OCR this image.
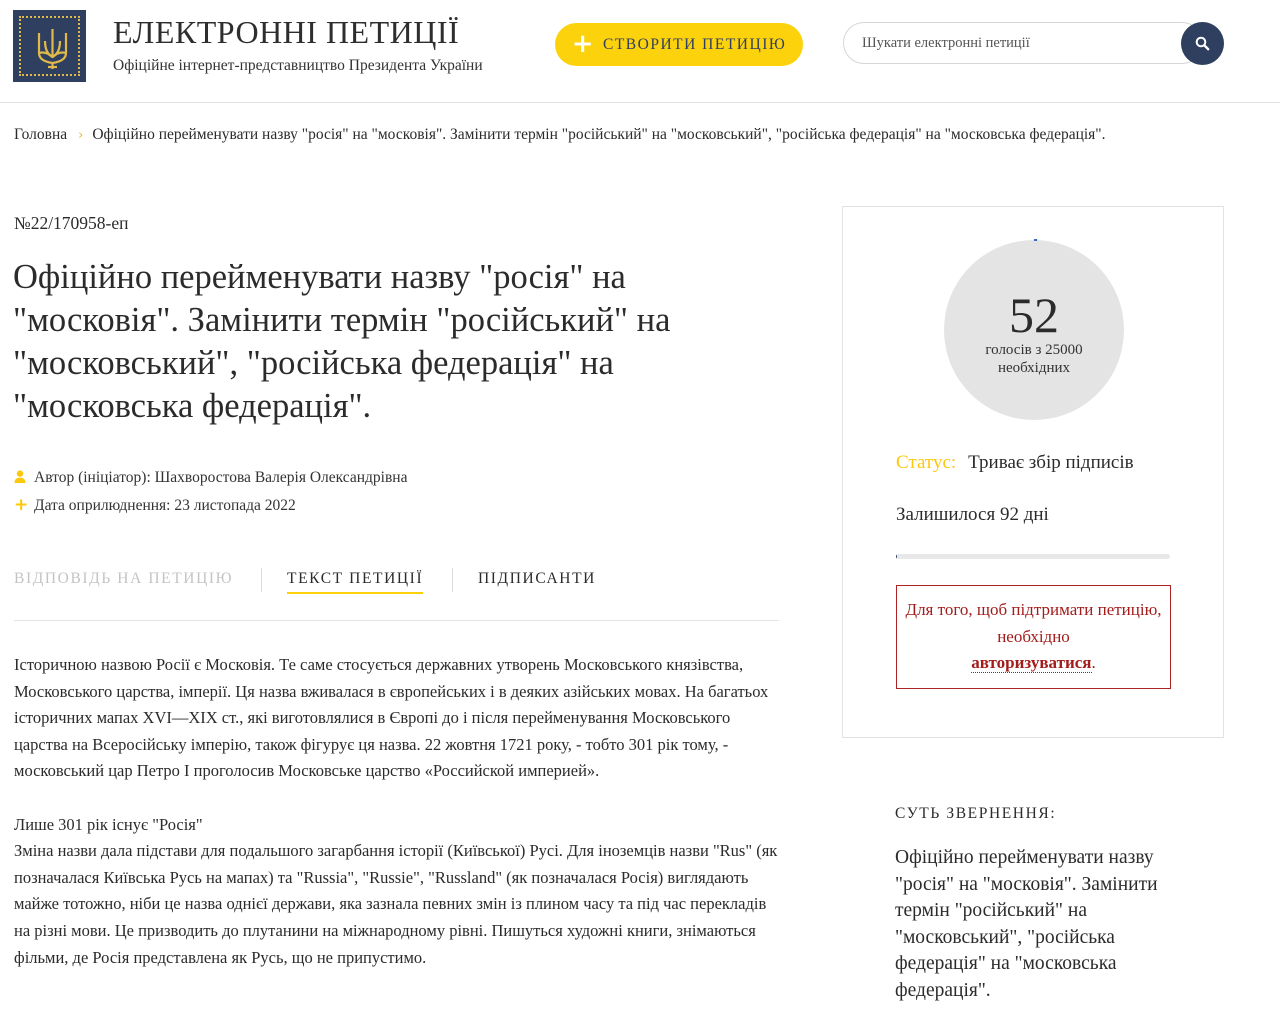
ЕЛЕКТРОННІ ПЕТИЦІЇ
Офіційне інтернет-представництво Президента України
+ СТВОРИТИ ПЕТИЦІЮ
Шукати електронні петиції
Головна › Офіційно перейменувати назву "росія" на "московія". Замінити термін "російський" на "московський", "російська федерація" на "московська федерація".
№22/170958-еп
Офіційно перейменувати назву "росія" на "московія". Замінити термін "російський" на "московський", "російська федерація" на "московська федерація".
Автор (ініціатор): Шахворостова Валерія Олександрівна
+ Дата оприлюднення: 23 листопада 2022
ВІДПОВІДЬ НА ПЕТИЦІЮ	ТЕКСТ ПЕТИЦІЇ	ПІДПИСАНТИ

Історичною назвою Росії є Московія. Те саме стосується державних утворень Московського князівства, Московського царства, імперії. Ця назва вживалася в європейських і в деяких азійських мовах. На багатьох історичних мапах XVI—XIX ст., які виготовлялися в Європі до і після перейменування Московського царства на Всеросійську імперію, також фігурує ця назва. 22 жовтня 1721 року, - тобто 301 рік тому, - московський цар Петро І проголосив Московське царство «Российской империей».

Лише 301 рік існує "Росія"
Зміна назви дала підстави для подальшого загарбання історії (Київської) Русі. Для іноземців назви "Rus" (як позначалася Київська Русь на мапах) та "Russia", "Russie", "Russland" (як позначалася Росія) виглядають майже тотожно, ніби це назва однієї держави, яка зазнала певних змін із плином часу та під час перекладів на різні мови. Це призводить до плутанини на міжнародному рівні. Пишуться художні книги, знімаються фільми, де Росія представлена як Русь, що не припустимо.
52
голосів з 25000 необхідних
Статус: Триває збір підписів
Залишилося 92 дні
Для того, щоб підтримати петицію, необхідно
авторизуватися.
СУТЬ ЗВЕРНЕННЯ:
Офіційно перейменувати назву "росія" на "московія". Замінити термін "російський" на "московський", "російська федерація" на "московська федерація".
